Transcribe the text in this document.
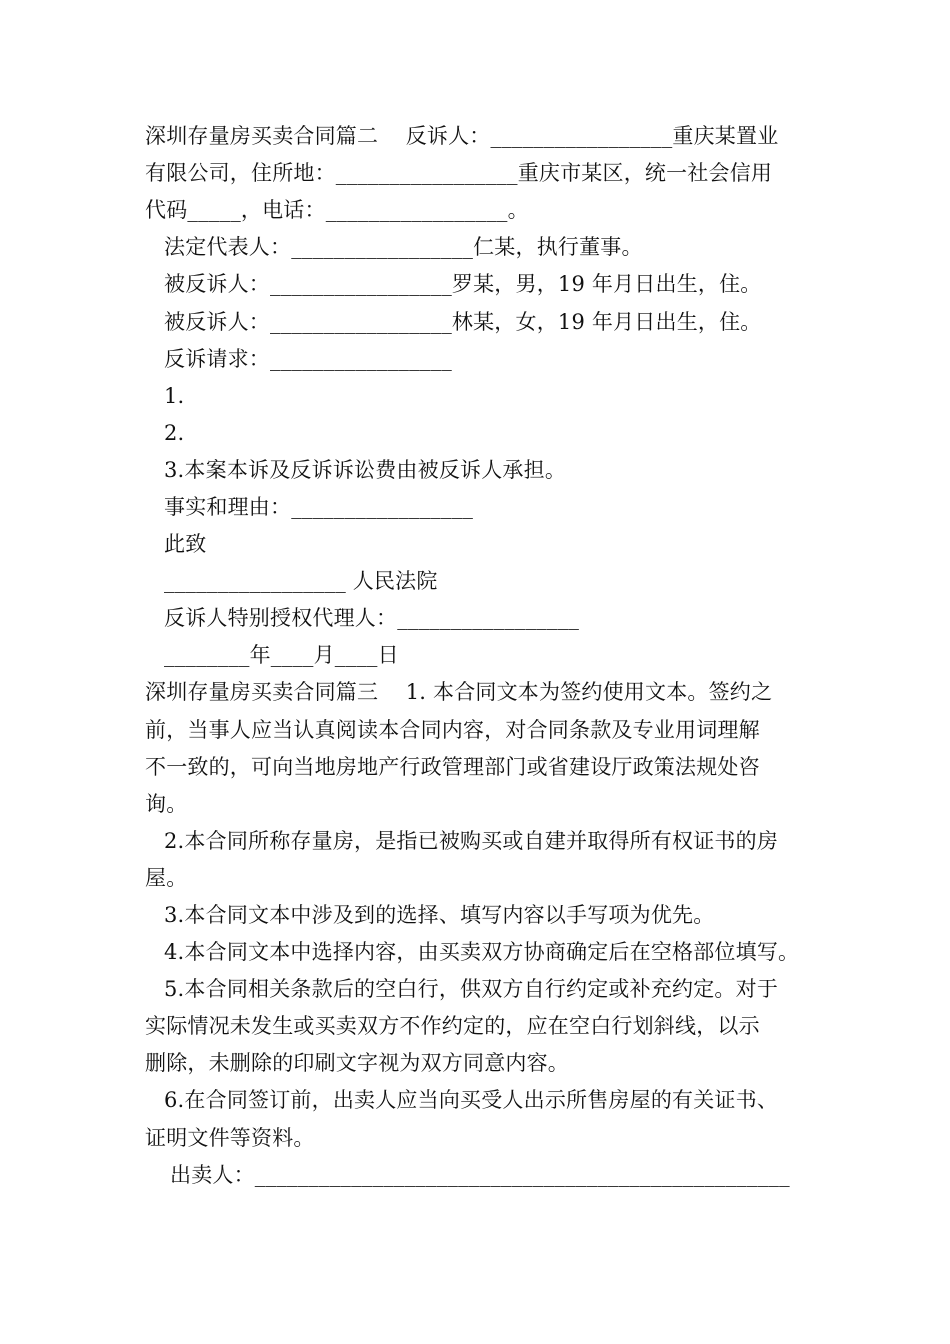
深圳存量房买卖合同篇二    反诉人：_________________重庆某置业
有限公司，住所地：_________________重庆市某区，统一社会信用
代码_____，电话：_________________。
法定代表人：_________________仁某，执行董事。
被反诉人：_________________罗某，男，19 年月日出生，住。
被反诉人：_________________林某，女，19 年月日出生，住。
反诉请求：_________________
1.
2.
3.本案本诉及反诉诉讼费由被反诉人承担。
事实和理由：_________________
此致
_________________ 人民法院
反诉人特别授权代理人：_________________
________年____月____日
深圳存量房买卖合同篇三    1. 本合同文本为签约使用文本。签约之
前，当事人应当认真阅读本合同内容，对合同条款及专业用词理解
不一致的，可向当地房地产行政管理部门或省建设厅政策法规处咨
询。
2.本合同所称存量房，是指已被购买或自建并取得所有权证书的房
屋。
3.本合同文本中涉及到的选择、填写内容以手写项为优先。
4.本合同文本中选择内容，由买卖双方协商确定后在空格部位填写。
5.本合同相关条款后的空白行，供双方自行约定或补充约定。对于
实际情况未发生或买卖双方不作约定的，应在空白行划斜线，以示
删除，未删除的印刷文字视为双方同意内容。
6.在合同签订前，出卖人应当向买受人出示所售房屋的有关证书、
证明文件等资料。
出卖人：__________________________________________________
